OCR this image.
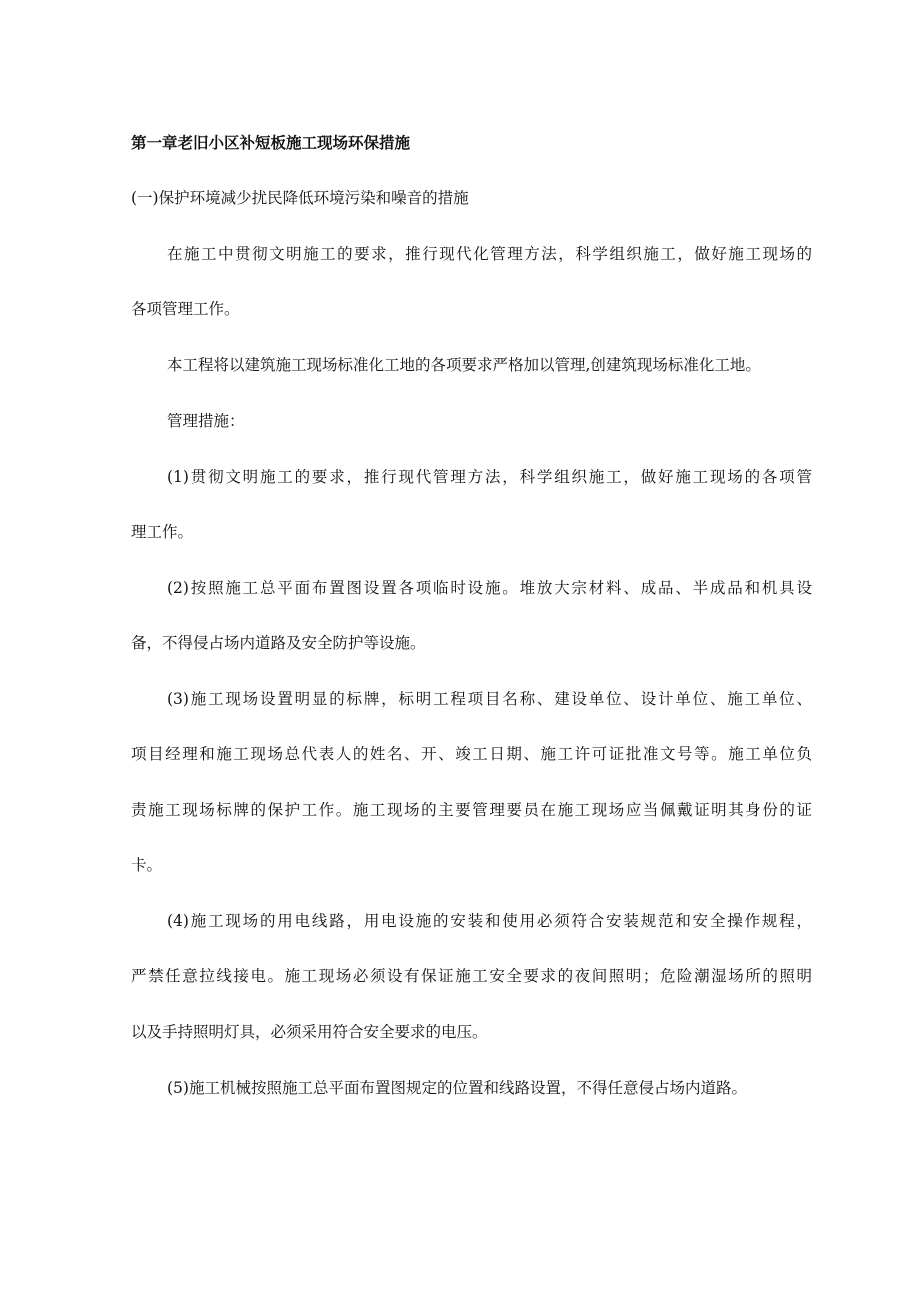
第一章老旧小区补短板施工现场环保措施

(一)保护环境减少扰民降低环境污染和噪音的措施

在施工中贯彻文明施工的要求，推行现代化管理方法，科学组织施工，做好施工现场的

各项管理工作。

本工程将以建筑施工现场标准化工地的各项要求严格加以管理,创建筑现场标准化工地。

管理措施：

(1)贯彻文明施工的要求，推行现代管理方法，科学组织施工，做好施工现场的各项管

理工作。

(2)按照施工总平面布置图设置各项临时设施。堆放大宗材料、成品、半成品和机具设

备，不得侵占场内道路及安全防护等设施。

(3)施工现场设置明显的标牌，标明工程项目名称、建设单位、设计单位、施工单位、

项目经理和施工现场总代表人的姓名、开、竣工日期、施工许可证批准文号等。施工单位负

责施工现场标牌的保护工作。施工现场的主要管理要员在施工现场应当佩戴证明其身份的证

卡。

(4)施工现场的用电线路，用电设施的安装和使用必须符合安装规范和安全操作规程，

严禁任意拉线接电。施工现场必须设有保证施工安全要求的夜间照明；危险潮湿场所的照明

以及手持照明灯具，必须采用符合安全要求的电压。

(5)施工机械按照施工总平面布置图规定的位置和线路设置，不得任意侵占场内道路。
